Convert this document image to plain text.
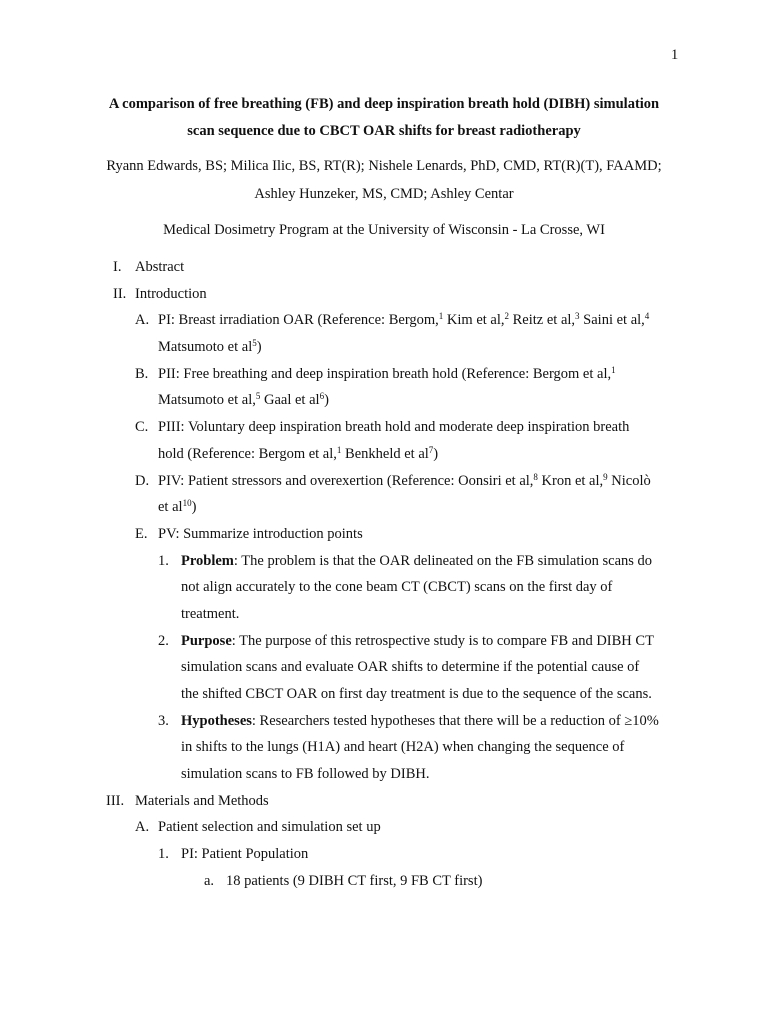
1
A comparison of free breathing (FB) and deep inspiration breath hold (DIBH) simulation
scan sequence due to CBCT OAR shifts for breast radiotherapy
Ryann Edwards, BS; Milica Ilic, BS, RT(R); Nishele Lenards, PhD, CMD, RT(R)(T), FAAMD;
Ashley Hunzeker, MS, CMD; Ashley Centar
Medical Dosimetry Program at the University of Wisconsin - La Crosse, WI
I. Abstract
II. Introduction
A. PI: Breast irradiation OAR (Reference: Bergom,$^1$ Kim et al,$^2$ Reitz et al,$^3$ Saini et al,$^4$
Matsumoto et $al^5$)
B. PII: Free breathing and deep inspiration breath hold (Reference: Bergom et al,$^1$
Matsumoto et al,$^5$ Gaal et $al^6$)
C. PIII: Voluntary deep inspiration breath hold and moderate deep inspiration breath
hold (Reference: Bergom et al,$^1$ Benkheld et $al^7$)
D. PIV: Patient stressors and overexertion (Reference: Oonsiri et al,$^8$ Kron et al,$^9$ Nicolò
et $al^{10}$)
E. PV: Summarize introduction points
1. Problem: The problem is that the OAR delineated on the FB simulation scans do
not align accurately to the cone beam CT (CBCT) scans on the first day of
treatment.
2. Purpose: The purpose of this retrospective study is to compare FB and DIBH CT
simulation scans and evaluate OAR shifts to determine if the potential cause of
the shifted CBCT OAR on first day treatment is due to the sequence of the scans.
3. Hypotheses: Researchers tested hypotheses that there will be a reduction of ≥10%
in shifts to the lungs (H1A) and heart (H2A) when changing the sequence of
simulation scans to FB followed by DIBH.
III. Materials and Methods
A. Patient selection and simulation set up
1. PI: Patient Population
a. 18 patients (9 DIBH CT first, 9 FB CT first)
